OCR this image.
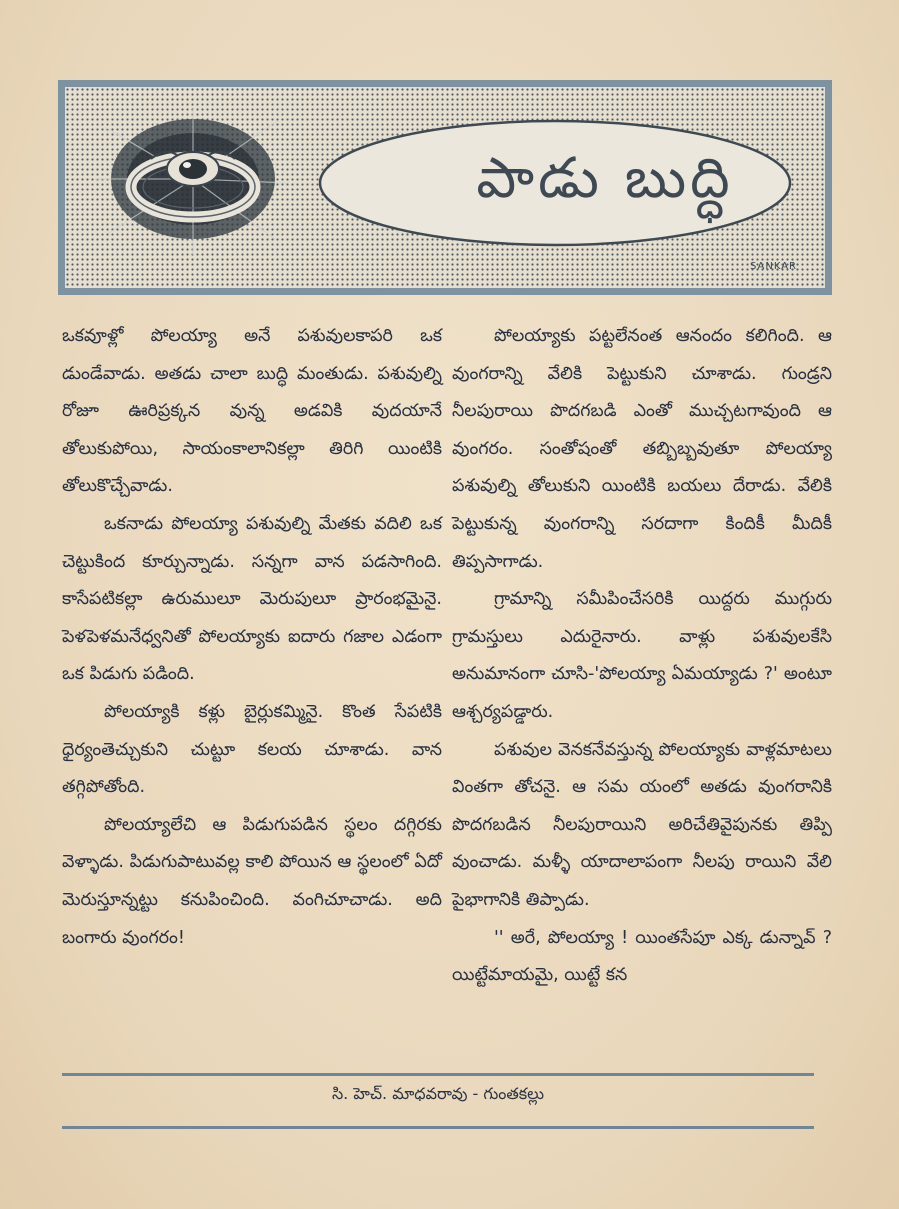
పాడు బుద్ధి
SANKAR

ఒకవూళ్లో పోలయ్యా అనే పశువులకాపరి ఒక డుండేవాడు. అతడు చాలా బుద్ధి మంతుడు. పశువుల్ని రోజూ ఊరిప్రక్కన వున్న అడవికి వుదయానే తోలుకుపోయి, సాయంకాలానికల్లా తిరిగి యింటికి తోలుకొచ్చేవాడు.

ఒకనాడు పోలయ్యా పశువుల్ని మేతకు వదిలి ఒక చెట్టుకింద కూర్చున్నాడు. సన్నగా వాన పడసాగింది. కాసేపటికల్లా ఉరుములూ మెరుపులూ ప్రారంభమైనై. పెళపెళమనేధ్వనితో పోలయ్యాకు ఐదారు గజాల ఎడంగా ఒక పిడుగు పడింది.

పోలయ్యాకి కళ్లు బైర్లుకమ్మినై. కొంత సేపటికి ధైర్యంతెచ్చుకుని చుట్టూ కలయ చూశాడు. వాన తగ్గిపోతోంది.

పోలయ్యాలేచి ఆ పిడుగుపడిన స్థలం దగ్గిరకు వెళ్ళాడు. పిడుగుపాటువల్ల కాలి పోయిన ఆ స్థలంలో ఏదో మెరుస్తూన్నట్టు కనుపించింది. వంగిచూచాడు. అది బంగారు వుంగరం!

పోలయ్యాకు పట్టలేనంత ఆనందం కలిగింది. ఆ వుంగరాన్ని వేలికి పెట్టుకుని చూశాడు. గుండ్రని నీలపురాయి పొదగబడి ఎంతో ముచ్చటగావుంది ఆ వుంగరం. సంతోషంతో తబ్బిబ్బవుతూ పోలయ్యా పశువుల్ని తోలుకుని యింటికి బయలు దేరాడు. వేలికి పెట్టుకున్న వుంగరాన్ని సరదాగా కిందికీ మీదికీ తిప్పసాగాడు.

గ్రామాన్ని సమీపించేసరికి యిద్దరు ముగ్గురు గ్రామస్తులు ఎదురైనారు. వాళ్లు పశువులకేసి అనుమానంగా చూసి-'పోలయ్యా ఏమయ్యాడు ?' అంటూ ఆశ్చర్యపడ్డారు.

పశువుల వెనకనేవస్తున్న పోలయ్యాకు వాళ్లమాటలు వింతగా తోచనై. ఆ సమ యంలో అతడు వుంగరానికి పొదగబడిన నీలపురాయిని అరిచేతివైపునకు తిప్పి వుంచాడు. మళ్ళీ యాదాలాపంగా నీలపు రాయిని వేలి పైభాగానికి తిప్పాడు.

'' అరే, పోలయ్యా ! యింతసేపూ ఎక్క డున్నావ్ ? యిట్టేమాయమై, యిట్టే కన

సి. హెచ్. మాధవరావు - గుంతకల్లు
